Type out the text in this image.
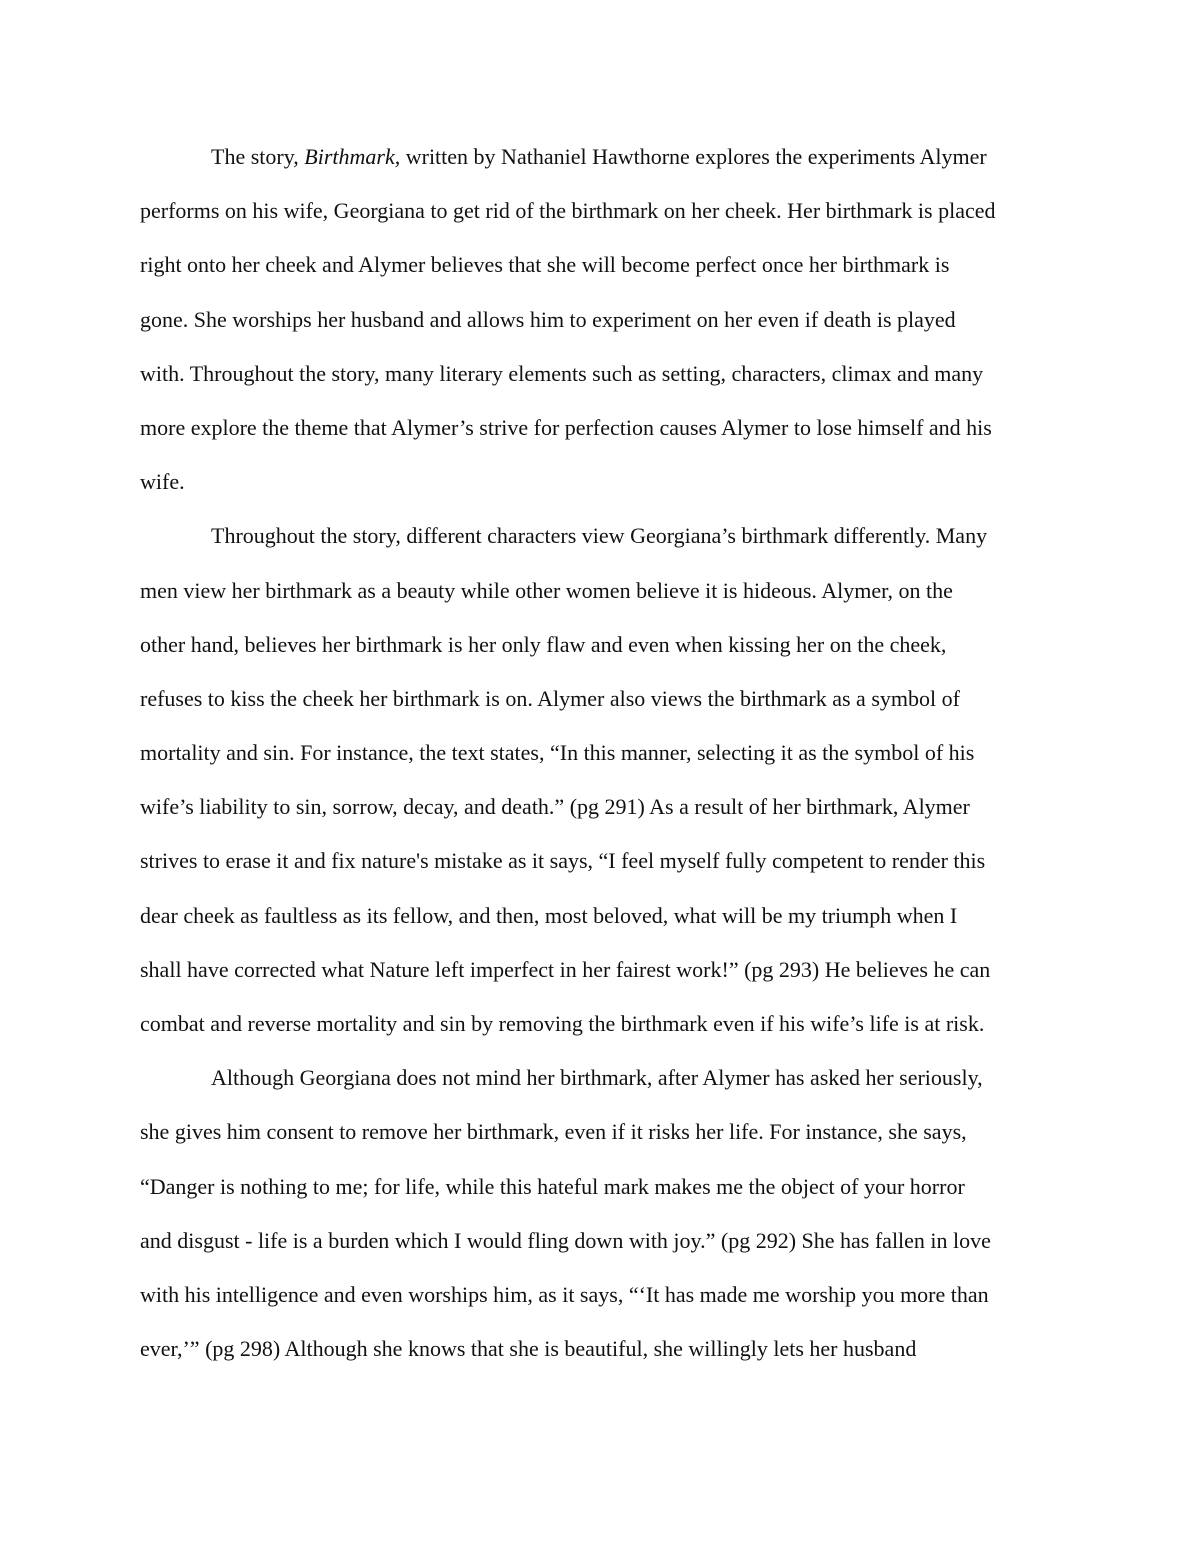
The story, Birthmark, written by Nathaniel Hawthorne explores the experiments Alymer
performs on his wife, Georgiana to get rid of the birthmark on her cheek. Her birthmark is placed
right onto her cheek and Alymer believes that she will become perfect once her birthmark is
gone. She worships her husband and allows him to experiment on her even if death is played
with. Throughout the story, many literary elements such as setting, characters, climax and many
more explore the theme that Alymer’s strive for perfection causes Alymer to lose himself and his
wife.

Throughout the story, different characters view Georgiana’s birthmark differently. Many
men view her birthmark as a beauty while other women believe it is hideous. Alymer, on the
other hand, believes her birthmark is her only flaw and even when kissing her on the cheek,
refuses to kiss the cheek her birthmark is on. Alymer also views the birthmark as a symbol of
mortality and sin. For instance, the text states, “In this manner, selecting it as the symbol of his
wife’s liability to sin, sorrow, decay, and death.” (pg 291) As a result of her birthmark, Alymer
strives to erase it and fix nature's mistake as it says, “I feel myself fully competent to render this
dear cheek as faultless as its fellow, and then, most beloved, what will be my triumph when I
shall have corrected what Nature left imperfect in her fairest work!” (pg 293) He believes he can
combat and reverse mortality and sin by removing the birthmark even if his wife’s life is at risk.

Although Georgiana does not mind her birthmark, after Alymer has asked her seriously,
she gives him consent to remove her birthmark, even if it risks her life. For instance, she says,
“Danger is nothing to me; for life, while this hateful mark makes me the object of your horror
and disgust - life is a burden which I would fling down with joy.” (pg 292) She has fallen in love
with his intelligence and even worships him, as it says, “‘It has made me worship you more than
ever,’” (pg 298) Although she knows that she is beautiful, she willingly lets her husband
